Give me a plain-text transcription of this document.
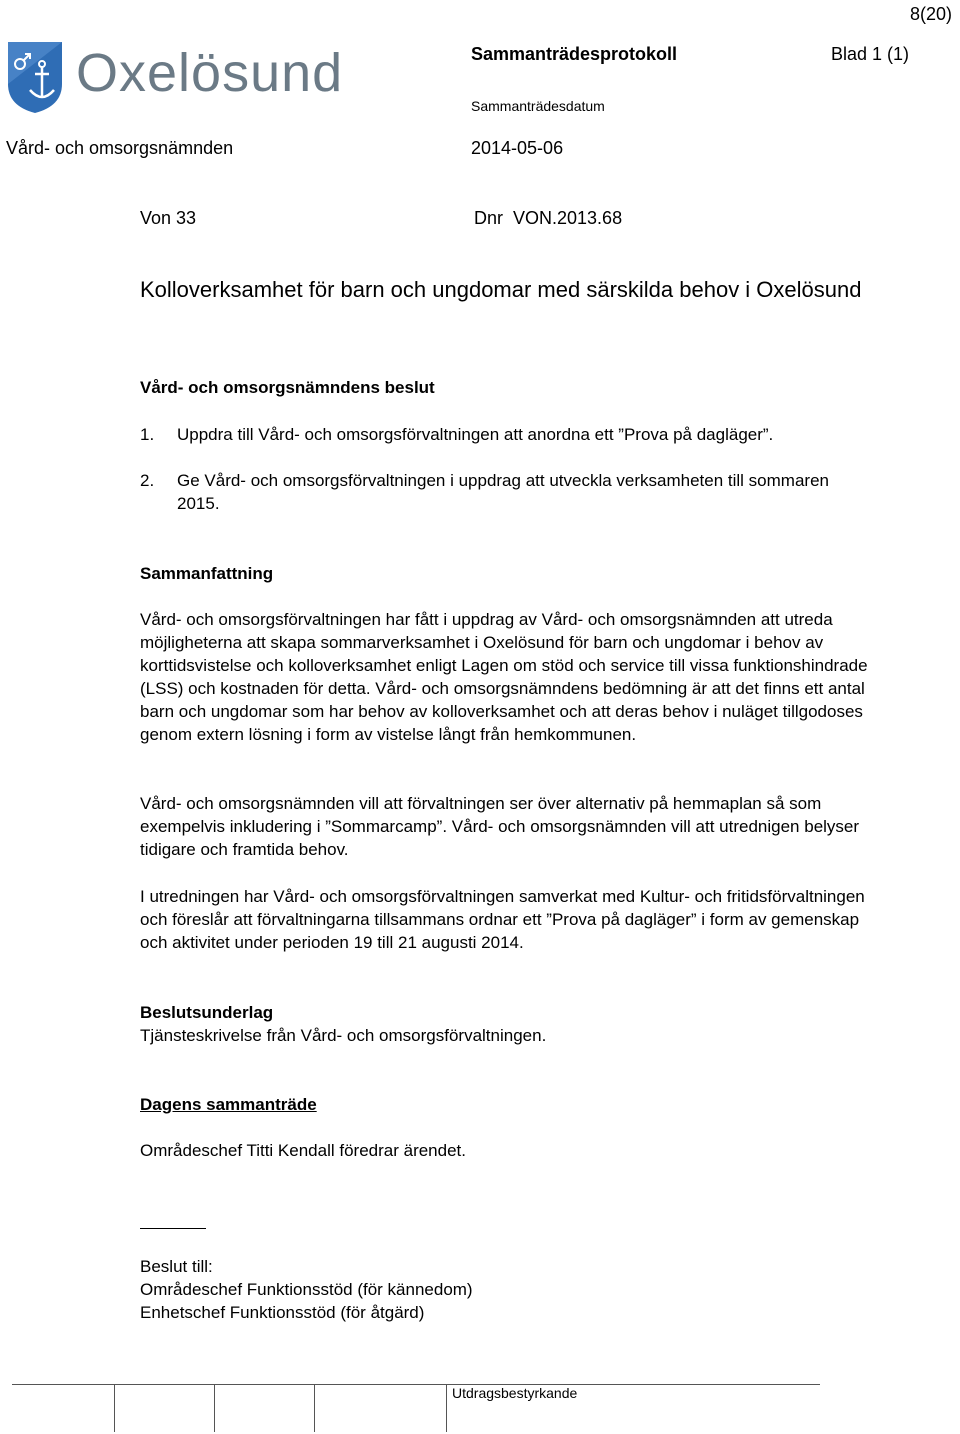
8(20)
Oxelösund	Sammanträdesprotokoll	Blad 1 (1)
Sammanträdesdatum
Vård- och omsorgsnämnden	2014-05-06
Von 33	Dnr  VON.2013.68
Kolloverksamhet för barn och ungdomar med särskilda behov i Oxelösund
Vård- och omsorgsnämndens beslut
1. Uppdra till Vård- och omsorgsförvaltningen att anordna ett ”Prova på dagläger”.
2. Ge Vård- och omsorgsförvaltningen i uppdrag att utveckla verksamheten till sommaren 2015.
Sammanfattning
Vård- och omsorgsförvaltningen har fått i uppdrag av Vård- och omsorgsnämnden att utreda möjligheterna att skapa sommarverksamhet i Oxelösund för barn och ungdomar i behov av korttidsvistelse och kolloverksamhet enligt Lagen om stöd och service till vissa funktionshindrade (LSS) och kostnaden för detta. Vård- och omsorgsnämndens bedömning är att det finns ett antal barn och ungdomar som har behov av kolloverksamhet och att deras behov i nuläget tillgodoses genom extern lösning i form av vistelse långt från hemkommunen.
Vård- och omsorgsnämnden vill att förvaltningen ser över alternativ på hemmaplan så som exempelvis inkludering i ”Sommarcamp”. Vård- och omsorgsnämnden vill att utrednigen belyser tidigare och framtida behov.
I utredningen har Vård- och omsorgsförvaltningen samverkat med Kultur- och fritidsförvaltningen och föreslår att förvaltningarna tillsammans ordnar ett ”Prova på dagläger” i form av gemenskap och aktivitet under perioden 19 till 21 augusti 2014.
Beslutsunderlag
Tjänsteskrivelse från Vård- och omsorgsförvaltningen.
Dagens sammanträde
Områdeschef Titti Kendall föredrar ärendet.
Beslut till:
Områdeschef Funktionsstöd (för kännedom)
Enhetschef Funktionsstöd (för åtgärd)
Utdragsbestyrkande
